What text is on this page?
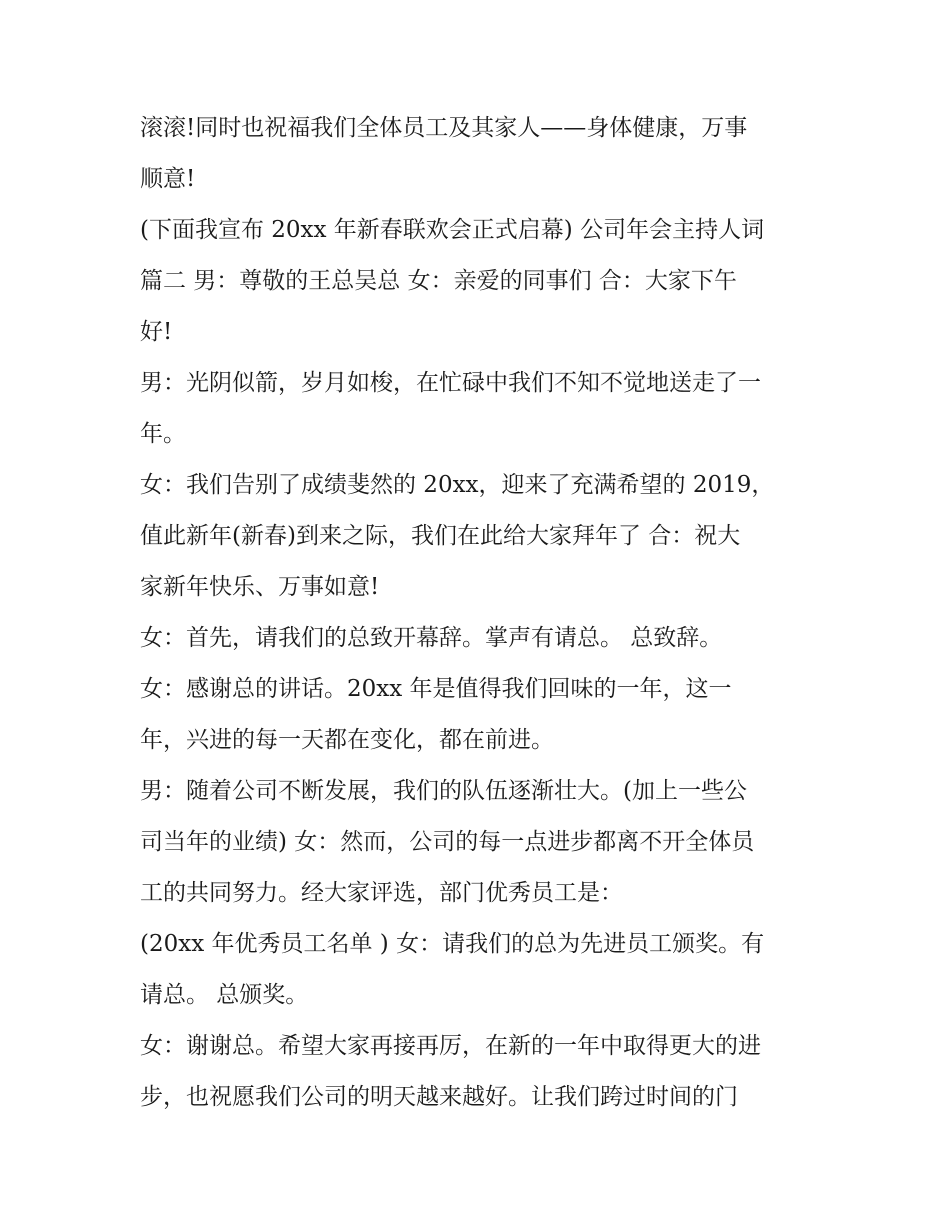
滚滚!同时也祝福我们全体员工及其家人——身体健康，万事

顺意!

(下面我宣布 20xx 年新春联欢会正式启幕) 公司年会主持人词

篇二 男：尊敬的王总吴总 女：亲爱的同事们 合：大家下午

好!

男：光阴似箭，岁月如梭，在忙碌中我们不知不觉地送走了一

年。

女：我们告别了成绩斐然的 20xx，迎来了充满希望的 2019，

值此新年(新春)到来之际，我们在此给大家拜年了 合：祝大

家新年快乐、万事如意!

女：首先，请我们的总致开幕辞。掌声有请总。 总致辞。

女：感谢总的讲话。20xx 年是值得我们回味的一年，这一

年，兴进的每一天都在变化，都在前进。

男：随着公司不断发展，我们的队伍逐渐壮大。(加上一些公

司当年的业绩) 女：然而，公司的每一点进步都离不开全体员

工的共同努力。经大家评选，部门优秀员工是：

(20xx 年优秀员工名单 ) 女：请我们的总为先进员工颁奖。有

请总。 总颁奖。

女：谢谢总。希望大家再接再厉，在新的一年中取得更大的进

步，也祝愿我们公司的明天越来越好。让我们跨过时间的门
